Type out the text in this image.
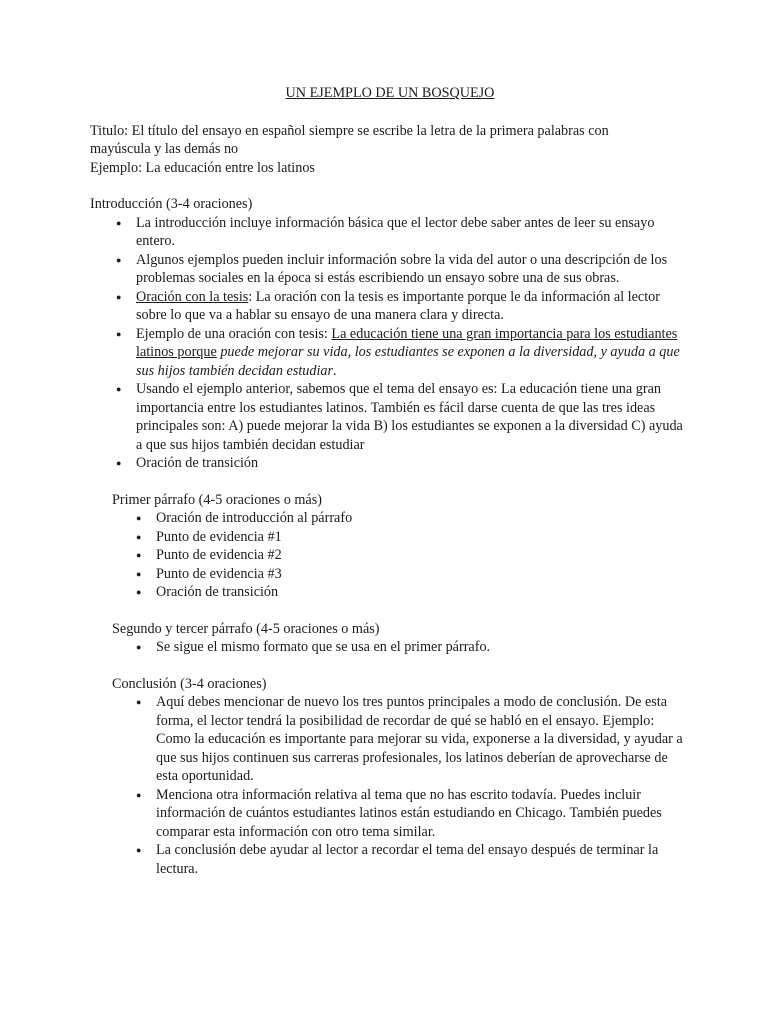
UN EJEMPLO DE UN BOSQUEJO

Titulo: El título del ensayo en español siempre se escribe la letra de la primera palabras con

mayúscula y las demás no

Ejemplo: La educación entre los latinos

Introducción (3-4 oraciones)

● La introducción incluye información básica que el lector debe saber antes de leer su ensayo entero.
● Algunos ejemplos pueden incluir información sobre la vida del autor o una descripción de los problemas sociales en la época si estás escribiendo un ensayo sobre una de sus obras.
● Oración con la tesis: La oración con la tesis es importante porque le da información al lector sobre lo que va a hablar su ensayo de una manera clara y directa.
● Ejemplo de una oración con tesis: La educación tiene una gran importancia para los estudiantes latinos porque puede mejorar su vida, los estudiantes se exponen a la diversidad, y ayuda a que sus hijos también decidan estudiar.
● Usando el ejemplo anterior, sabemos que el tema del ensayo es: La educación tiene una gran importancia entre los estudiantes latinos. También es fácil darse cuenta de que las tres ideas principales son: A) puede mejorar la vida B) los estudiantes se exponen a la diversidad C) ayuda a que sus hijos también decidan estudiar
● Oración de transición

Primer párrafo (4-5 oraciones o más)

● Oración de introducción al párrafo
● Punto de evidencia #1
● Punto de evidencia #2
● Punto de evidencia #3
● Oración de transición

Segundo y tercer párrafo (4-5 oraciones o más)

● Se sigue el mismo formato que se usa en el primer párrafo.

Conclusión (3-4 oraciones)

● Aquí debes mencionar de nuevo los tres puntos principales a modo de conclusión. De esta forma, el lector tendrá la posibilidad de recordar de qué se habló en el ensayo. Ejemplo: Como la educación es importante para mejorar su vida, exponerse a la diversidad, y ayudar a que sus hijos continuen sus carreras profesionales, los latinos deberían de aprovecharse de esta oportunidad.
● Menciona otra información relativa al tema que no has escrito todavía. Puedes incluir información de cuántos estudiantes latinos están estudiando en Chicago. También puedes comparar esta información con otro tema similar.
● La conclusión debe ayudar al lector a recordar el tema del ensayo después de terminar la lectura.
